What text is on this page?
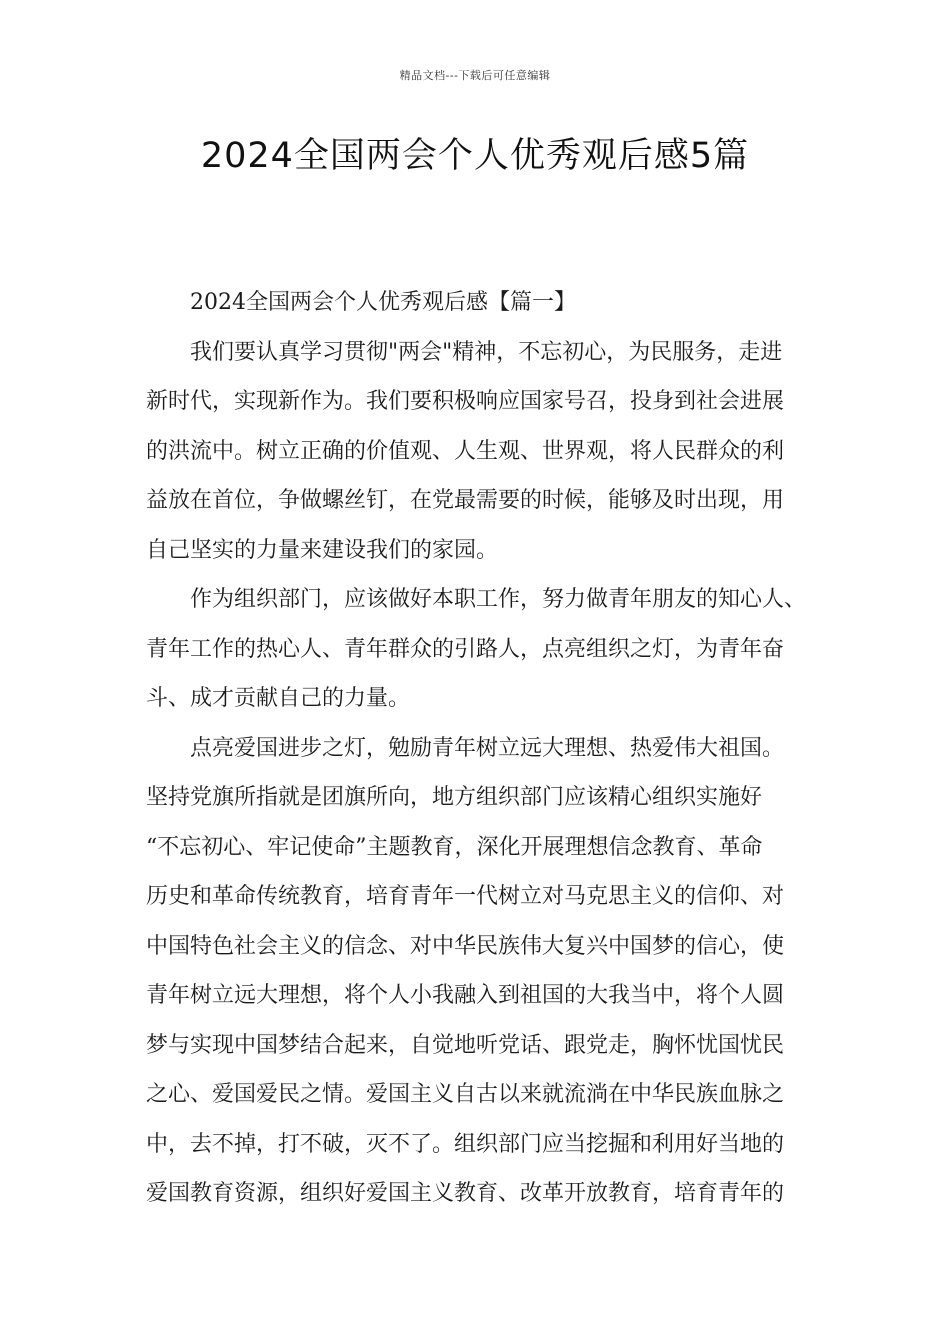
精品文档---下载后可任意编辑
2024全国两会个人优秀观后感5篇
2024全国两会个人优秀观后感【篇一】
我们要认真学习贯彻"两会"精神，不忘初心，为民服务，走进
新时代，实现新作为。我们要积极响应国家号召，投身到社会进展
的洪流中。树立正确的价值观、人生观、世界观，将人民群众的利
益放在首位，争做螺丝钉，在党最需要的时候，能够及时出现，用
自己坚实的力量来建设我们的家园。
作为组织部门，应该做好本职工作，努力做青年朋友的知心人、
青年工作的热心人、青年群众的引路人，点亮组织之灯，为青年奋
斗、成才贡献自己的力量。
点亮爱国进步之灯，勉励青年树立远大理想、热爱伟大祖国。
坚持党旗所指就是团旗所向，地方组织部门应该精心组织实施好
“不忘初心、牢记使命”主题教育，深化开展理想信念教育、革命
历史和革命传统教育，培育青年一代树立对马克思主义的信仰、对
中国特色社会主义的信念、对中华民族伟大复兴中国梦的信心，使
青年树立远大理想，将个人小我融入到祖国的大我当中，将个人圆
梦与实现中国梦结合起来，自觉地听党话、跟党走，胸怀忧国忧民
之心、爱国爱民之情。爱国主义自古以来就流淌在中华民族血脉之
中，去不掉，打不破，灭不了。组织部门应当挖掘和利用好当地的
爱国教育资源，组织好爱国主义教育、改革开放教育，培育青年的
